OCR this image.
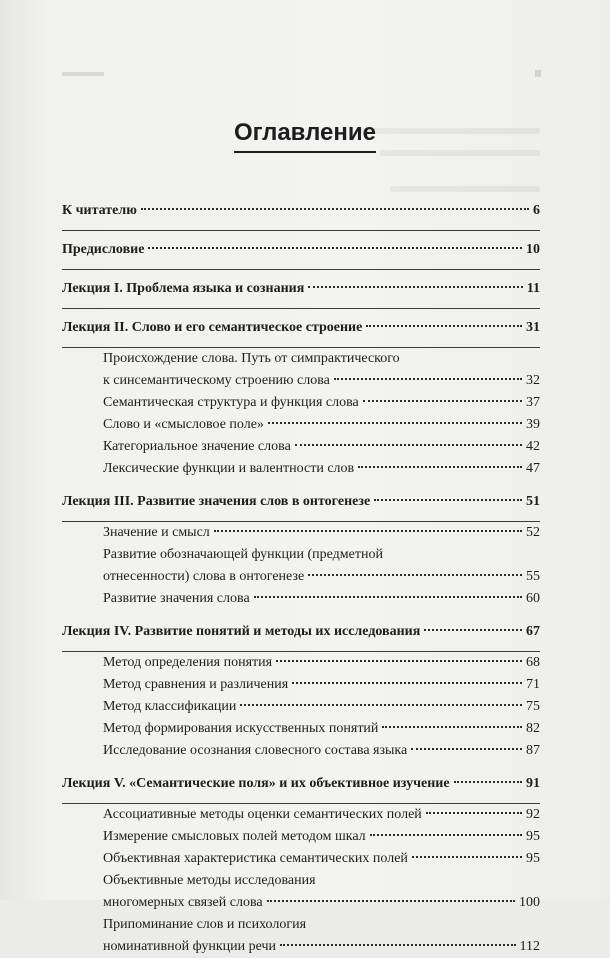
Оглавление
К читателю	6
Предисловие	10
Лекция I. Проблема языка и сознания	11
Лекция II. Слово и его семантическое строение	31
Происхождение слова. Путь от симпрактического
к синсемантическому строению слова	32
Семантическая структура и функция слова	37
Слово и «смысловое поле»	39
Категориальное значение слова	42
Лексические функции и валентности слов	47
Лекция III. Развитие значения слов в онтогенезе	51
Значение и смысл	52
Развитие обозначающей функции (предметной
отнесенности) слова в онтогенезе	55
Развитие значения слова	60
Лекция IV. Развитие понятий и методы их исследования	67
Метод определения понятия	68
Метод сравнения и различения	71
Метод классификации	75
Метод формирования искусственных понятий	82
Исследование осознания словесного состава языка	87
Лекция V. «Семантические поля» и их объективное изучение	91
Ассоциативные методы оценки семантических полей	92
Измерение смысловых полей методом шкал	95
Объективная характеристика семантических полей	95
Объективные методы исследования
многомерных связей слова	100
Припоминание слов и психология
номинативной функции речи	112
